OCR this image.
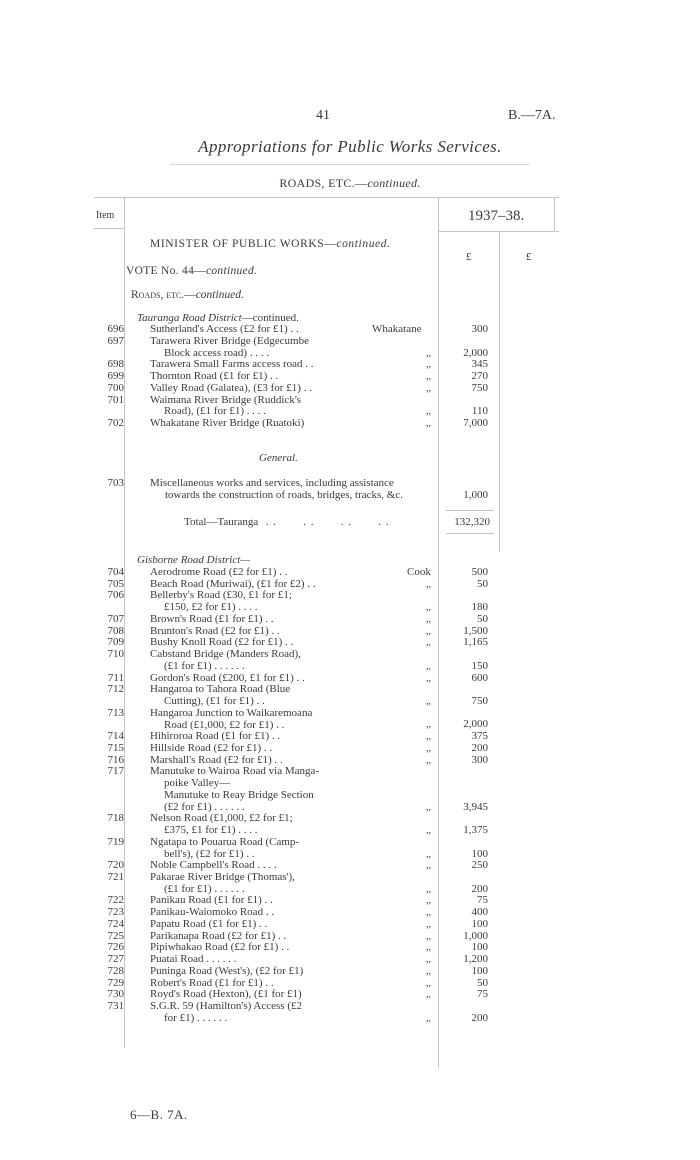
41	B.—7A.
Appropriations for Public Works Services.
ROADS, ETC.—continued.
Item	1937–38.
MINISTER OF PUBLIC WORKS—continued.
£	£
VOTE No. 44—continued.
Roads, etc.—continued.
Tauranga Road District—continued.
696 Sutherland's Access (£2 for £1) . .	Whakatane	300
697 Tarawera River Bridge (Edgecumbe
Block access road) . . . .	,,	2,000
698 Tarawera Small Farms access road . .	,,	345
699 Thornton Road (£1 for £1) . .	,,	270
700 Valley Road (Galatea), (£3 for £1) . .	,,	750
701 Waimana River Bridge (Ruddick's
Road), (£1 for £1) . . . .	,,	110
702 Whakatane River Bridge (Ruatoki)	,,	7,000
General.
703 Miscellaneous works and services, including assistance
towards the construction of roads, bridges, tracks, &c.	1,000
Total—Tauranga  . .       . .       . .       . .	132,320
Gisborne Road District—
704 Aerodrome Road (£2 for £1) . .	Cook	500
705 Beach Road (Muriwai), (£1 for £2) . .	,,	50
706 Bellerby's Road (£30, £1 for £1;
£150, £2 for £1) . . . .	,,	180
707 Brown's Road (£1 for £1) . .	,,	50
708 Brunton's Road (£2 for £1) . .	,,	1,500
709 Bushy Knoll Road (£2 for £1) . .	,,	1,165
710 Cabstand Bridge (Manders Road),
(£1 for £1) . . . . . .	,,	150
711 Gordon's Road (£200, £1 for £1) . .	,,	600
712 Hangaroa to Tahora Road (Blue
Cutting), (£1 for £1) . .	,,	750
713 Hangaroa Junction to Waikaremoana
Road (£1,000, £2 for £1) . .	,,	2,000
714 Hihiroroa Road (£1 for £1) . .	,,	375
715 Hillside Road (£2 for £1) . .	,,	200
716 Marshall's Road (£2 for £1) . .	,,	300
717 Manutuke to Wairoa Road via Manga-
poike Valley—
Manutuke to Reay Bridge Section
(£2 for £1) . . . . . .	,,	3,945
718 Nelson Road (£1,000, £2 for £1;
£375, £1 for £1) . . . .	,,	1,375
719 Ngatapa to Pouarua Road (Camp-
bell's), (£2 for £1) . .	,,	100
720 Noble Campbell's Road . . . .	,,	250
721 Pakarae River Bridge (Thomas'),
(£1 for £1) . . . . . .	,,	200
722 Panikau Road (£1 for £1) . .	,,	75
723 Panikau-Waiomoko Road . .	,,	400
724 Papatu Road (£1 for £1) . .	,,	100
725 Parikanapa Road (£2 for £1) . .	,,	1,000
726 Pipiwhakao Road (£2 for £1) . .	,,	100
727 Puatai Road . . . . . .	,,	1,200
728 Puninga Road (West's), (£2 for £1)	,,	100
729 Robert's Road (£1 for £1) . .	,,	50
730 Royd's Road (Hexton), (£1 for £1)	,,	75
731 S.G.R. 59 (Hamilton's) Access (£2
for £1) . . . . . .	,,	200
6—B. 7A.
